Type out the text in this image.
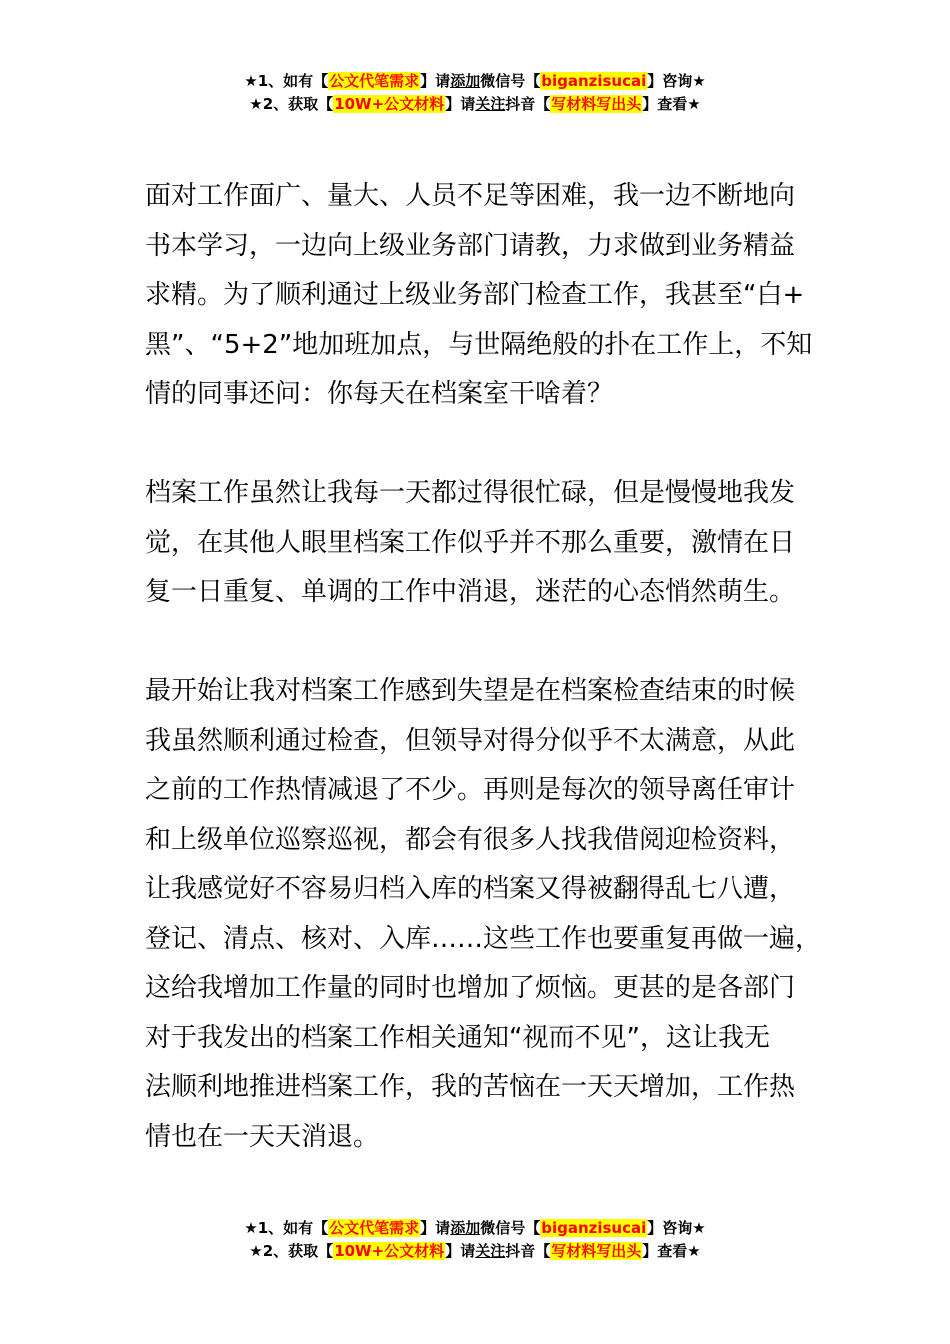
★1、如有【公文代笔需求】请添加微信号【biganzisucai】咨询★
★2、获取【10W+公文材料】请关注抖音【写材料写出头】查看★
面对工作面广、量大、人员不足等困难，我一边不断地向
书本学习，一边向上级业务部门请教，力求做到业务精益
求精。为了顺利通过上级业务部门检查工作，我甚至“白+
黑”、“5+2”地加班加点，与世隔绝般的扑在工作上，不知
情的同事还问：你每天在档案室干啥着？
档案工作虽然让我每一天都过得很忙碌，但是慢慢地我发
觉，在其他人眼里档案工作似乎并不那么重要，激情在日
复一日重复、单调的工作中消退，迷茫的心态悄然萌生。
最开始让我对档案工作感到失望是在档案检查结束的时候
我虽然顺利通过检查，但领导对得分似乎不太满意，从此
之前的工作热情减退了不少。再则是每次的领导离任审计
和上级单位巡察巡视，都会有很多人找我借阅迎检资料，
让我感觉好不容易归档入库的档案又得被翻得乱七八遭，
登记、清点、核对、入库……这些工作也要重复再做一遍，
这给我增加工作量的同时也增加了烦恼。更甚的是各部门
对于我发出的档案工作相关通知“视而不见”，这让我无
法顺利地推进档案工作，我的苦恼在一天天增加，工作热
情也在一天天消退。
★1、如有【公文代笔需求】请添加微信号【biganzisucai】咨询★
★2、获取【10W+公文材料】请关注抖音【写材料写出头】查看★
